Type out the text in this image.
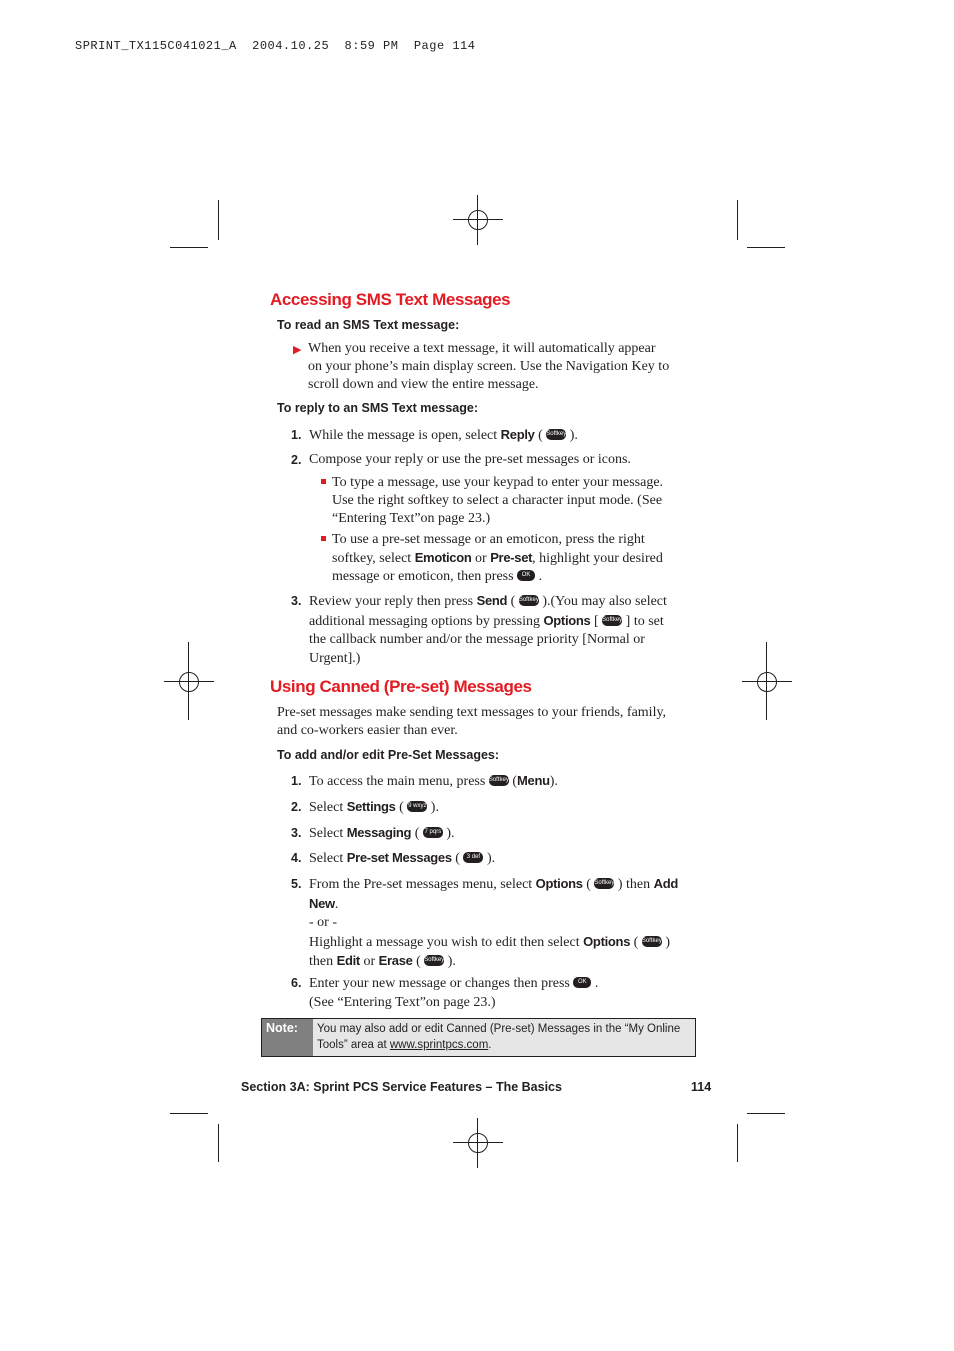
SPRINT_TX115C041021_A  2004.10.25  8:59 PM  Page 114
Accessing SMS Text Messages
To read an SMS Text message:
▶ When you receive a text message, it will automatically appear
on your phone’s main display screen. Use the Navigation Key to
scroll down and view the entire message.
To reply to an SMS Text message:
1. While the message is open, select Reply ( Softkey ).
2. Compose your reply or use the pre-set messages or icons.
To type a message, use your keypad to enter your message.
Use the right softkey to select a character input mode. (See
“Entering Text”on page 23.)
To use a pre-set message or an emoticon, press the right
softkey, select Emoticon or Pre-set, highlight your desired
message or emoticon, then press OK .
3. Review your reply then press Send ( Softkey ).(You may also select
additional messaging options by pressing Options [ Softkey ] to set
the callback number and/or the message priority [Normal or
Urgent].)
Using Canned (Pre-set) Messages
Pre-set messages make sending text messages to your friends, family,
and co-workers easier than ever.
To add and/or edit Pre-Set Messages:
1. To access the main menu, press Softkey (Menu).
2. Select Settings ( 9 wxyz ).
3. Select Messaging ( 7 pqrs ).
4. Select Pre-set Messages ( 3 def ).
5. From the Pre-set messages menu, select Options ( Softkey ) then Add
New.
- or -
Highlight a message you wish to edit then select Options ( Softkey )
then Edit or Erase ( Softkey ).
6. Enter your new message or changes then press OK .
(See “Entering Text”on page 23.)
Note:	You may also add or edit Canned (Pre-set) Messages in the “My Online
Tools” area at www.sprintpcs.com.
Section 3A: Sprint PCS Service Features – The Basics	114
